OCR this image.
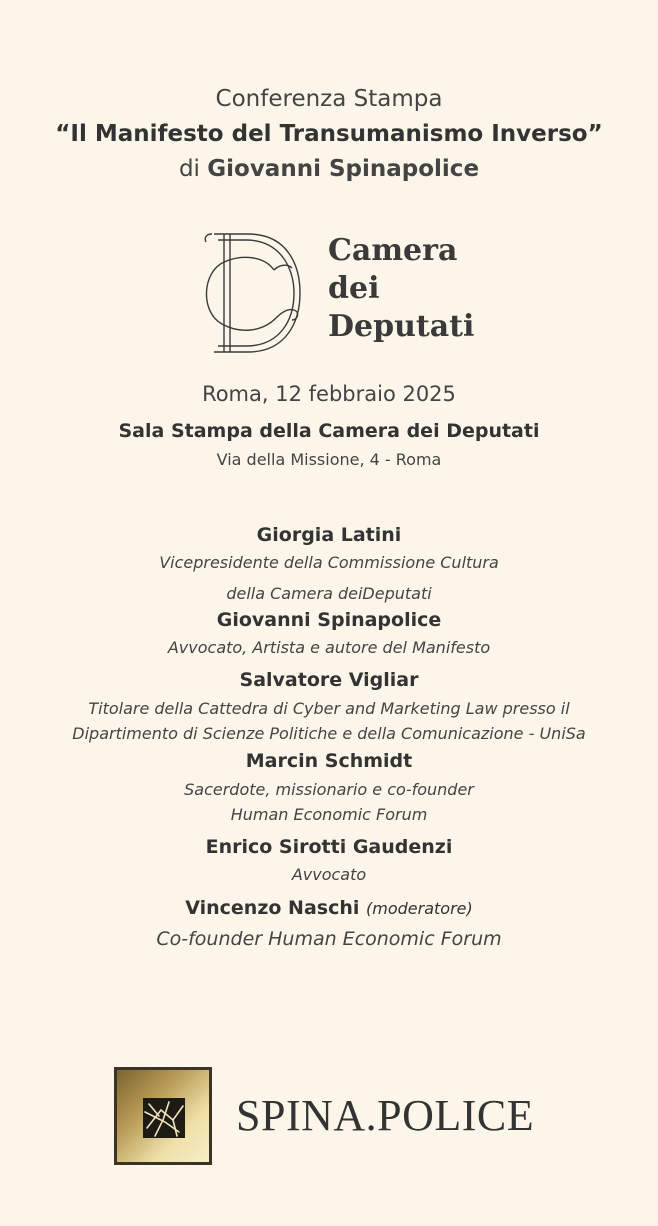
Conferenza Stampa
“Il Manifesto del Transumanismo Inverso”
di Giovanni Spinapolice
Camera
dei
Deputati
Roma, 12 febbraio 2025
Sala Stampa della Camera dei Deputati
Via della Missione, 4 - Roma
Giorgia Latini
Vicepresidente della Commissione Cultura
della Camera deiDeputati
Giovanni Spinapolice
Avvocato, Artista e autore del Manifesto
Salvatore Vigliar
Titolare della Cattedra di Cyber and Marketing Law presso il
Dipartimento di Scienze Politiche e della Comunicazione - UniSa
Marcin Schmidt
Sacerdote, missionario e co-founder
Human Economic Forum
Enrico Sirotti Gaudenzi
Avvocato
Vincenzo Naschi (moderatore)
Co-founder Human Economic Forum
SPINA.POLICE
